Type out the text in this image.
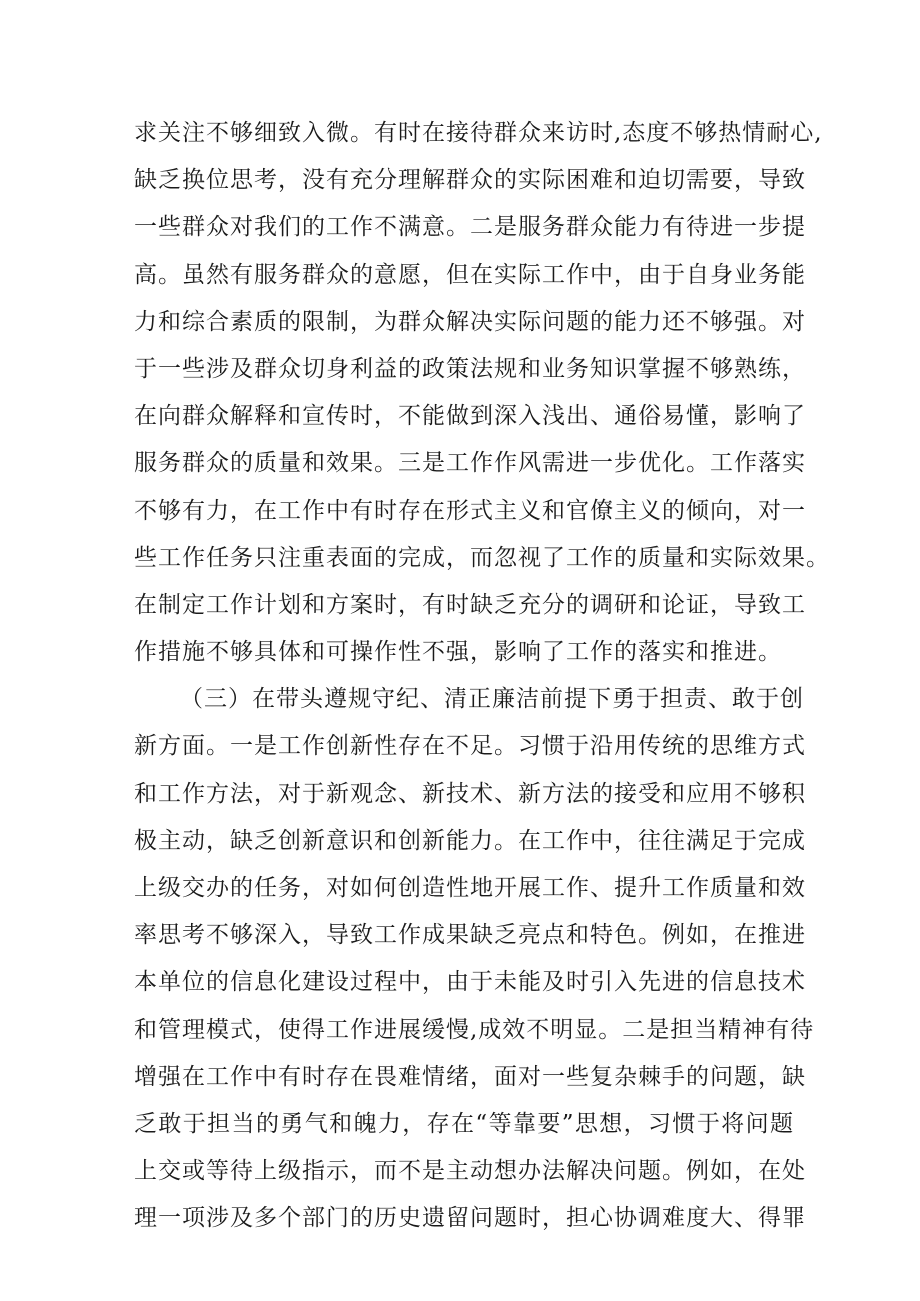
求关注不够细致入微。有时在接待群众来访时,态度不够热情耐心,
缺乏换位思考，没有充分理解群众的实际困难和迫切需要，导致
一些群众对我们的工作不满意。二是服务群众能力有待进一步提
高。虽然有服务群众的意愿，但在实际工作中，由于自身业务能
力和综合素质的限制，为群众解决实际问题的能力还不够强。对
于一些涉及群众切身利益的政策法规和业务知识掌握不够熟练，
在向群众解释和宣传时，不能做到深入浅出、通俗易懂，影响了
服务群众的质量和效果。三是工作作风需进一步优化。工作落实
不够有力，在工作中有时存在形式主义和官僚主义的倾向，对一
些工作任务只注重表面的完成，而忽视了工作的质量和实际效果。
在制定工作计划和方案时，有时缺乏充分的调研和论证，导致工
作措施不够具体和可操作性不强，影响了工作的落实和推进。
（三）在带头遵规守纪、清正廉洁前提下勇于担责、敢于创
新方面。一是工作创新性存在不足。习惯于沿用传统的思维方式
和工作方法，对于新观念、新技术、新方法的接受和应用不够积
极主动，缺乏创新意识和创新能力。在工作中，往往满足于完成
上级交办的任务，对如何创造性地开展工作、提升工作质量和效
率思考不够深入，导致工作成果缺乏亮点和特色。例如，在推进
本单位的信息化建设过程中，由于未能及时引入先进的信息技术
和管理模式，使得工作进展缓慢,成效不明显。二是担当精神有待
增强在工作中有时存在畏难情绪，面对一些复杂棘手的问题，缺
乏敢于担当的勇气和魄力，存在“等靠要”思想，习惯于将问题
上交或等待上级指示，而不是主动想办法解决问题。例如，在处
理一项涉及多个部门的历史遗留问题时，担心协调难度大、得罪
